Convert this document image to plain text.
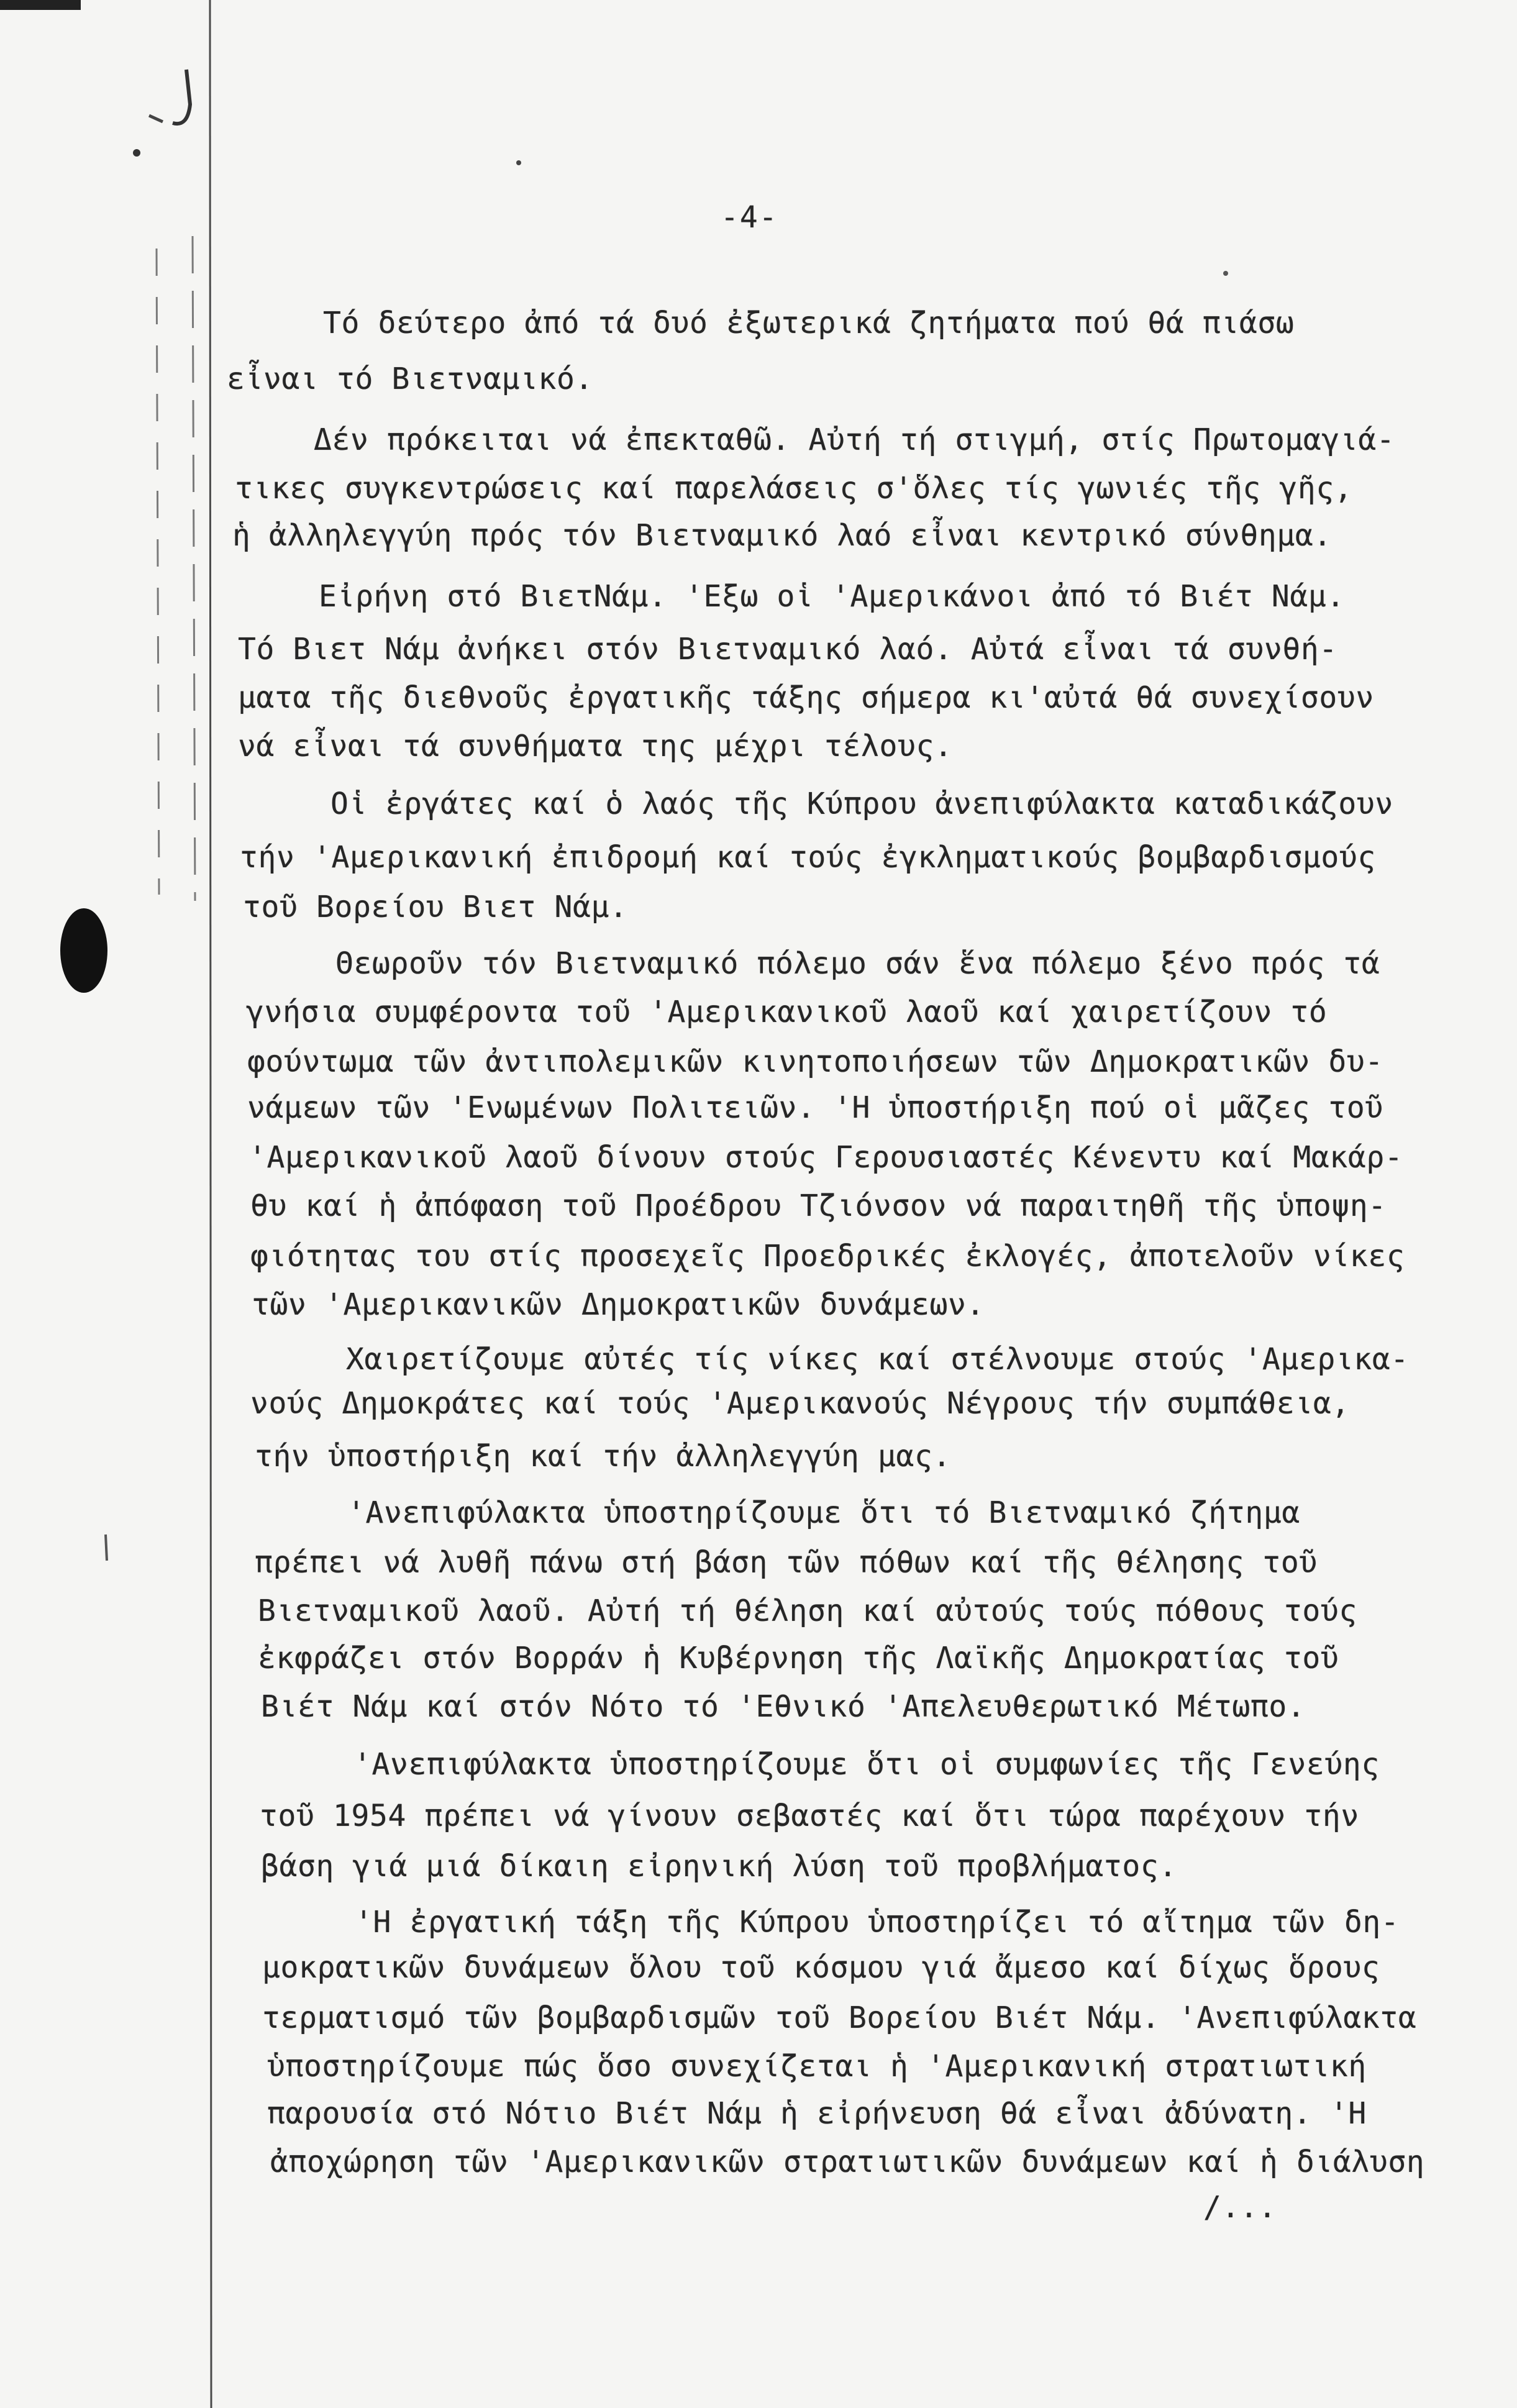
-4-
Τό δεύτερο ἀπό τά δυό ἐξωτερικά ζητήματα πού θά πιάσω
εἶναι τό Βιετναμικό.
Δέν πρόκειται νά ἐπεκταθῶ. Αὐτή τή στιγμή, στίς Πρωτομαγιά-
τικες συγκεντρώσεις καί παρελάσεις σ'ὅλες τίς γωνιές τῆς γῆς,
ἡ ἀλληλεγγύη πρός τόν Βιετναμικό λαό εἶναι κεντρικό σύνθημα.
Εἰρήνη στό ΒιετΝάμ. 'Εξω οἱ 'Αμερικάνοι ἀπό τό Βιέτ Νάμ.
Τό Βιετ Νάμ ἀνήκει στόν Βιετναμικό λαό. Αὐτά εἶναι τά συνθή-
ματα τῆς διεθνοῦς ἐργατικῆς τάξης σήμερα κι'αὐτά θά συνεχίσουν
νά εἶναι τά συνθήματα της μέχρι τέλους.
Οἱ ἐργάτες καί ὁ λαός τῆς Κύπρου ἀνεπιφύλακτα καταδικάζουν
τήν 'Αμερικανική ἐπιδρομή καί τούς ἐγκληματικούς βομβαρδισμούς
τοῦ Βορείου Βιετ Νάμ.
Θεωροῦν τόν Βιετναμικό πόλεμο σάν ἕνα πόλεμο ξένο πρός τά
γνήσια συμφέροντα τοῦ 'Αμερικανικοῦ λαοῦ καί χαιρετίζουν τό
φούντωμα τῶν ἀντιπολεμικῶν κινητοποιήσεων τῶν Δημοκρατικῶν δυ-
νάμεων τῶν 'Ενωμένων Πολιτειῶν. 'Η ὑποστήριξη πού οἱ μᾶζες τοῦ
'Αμερικανικοῦ λαοῦ δίνουν στούς Γερουσιαστές Κένεντυ καί Μακάρ-
θυ καί ἡ ἀπόφαση τοῦ Προέδρου Τζιόνσον νά παραιτηθῆ τῆς ὑποψη-
φιότητας του στίς προσεχεῖς Προεδρικές ἐκλογές, ἀποτελοῦν νίκες
τῶν 'Αμερικανικῶν Δημοκρατικῶν δυνάμεων.
Χαιρετίζουμε αὐτές τίς νίκες καί στέλνουμε στούς 'Αμερικα-
νούς Δημοκράτες καί τούς 'Αμερικανούς Νέγρους τήν συμπάθεια,
τήν ὑποστήριξη καί τήν ἀλληλεγγύη μας.
'Ανεπιφύλακτα ὑποστηρίζουμε ὅτι τό Βιετναμικό ζήτημα
πρέπει νά λυθῆ πάνω στή βάση τῶν πόθων καί τῆς θέλησης τοῦ
Βιετναμικοῦ λαοῦ. Αὐτή τή θέληση καί αὐτούς τούς πόθους τούς
ἐκφράζει στόν Βορράν ἡ Κυβέρνηση τῆς Λαϊκῆς Δημοκρατίας τοῦ
Βιέτ Νάμ καί στόν Νότο τό 'Εθνικό 'Απελευθερωτικό Μέτωπο.
'Ανεπιφύλακτα ὑποστηρίζουμε ὅτι οἱ συμφωνίες τῆς Γενεύης
τοῦ 1954 πρέπει νά γίνουν σεβαστές καί ὅτι τώρα παρέχουν τήν
βάση γιά μιά δίκαιη εἰρηνική λύση τοῦ προβλήματος.
'Η ἐργατική τάξη τῆς Κύπρου ὑποστηρίζει τό αἴτημα τῶν δη-
μοκρατικῶν δυνάμεων ὅλου τοῦ κόσμου γιά ἄμεσο καί δίχως ὅρους
τερματισμό τῶν βομβαρδισμῶν τοῦ Βορείου Βιέτ Νάμ. 'Ανεπιφύλακτα
ὑποστηρίζουμε πώς ὅσο συνεχίζεται ἡ 'Αμερικανική στρατιωτική
παρουσία στό Νότιο Βιέτ Νάμ ἡ εἰρήνευση θά εἶναι ἀδύνατη. 'Η
ἀποχώρηση τῶν 'Αμερικανικῶν στρατιωτικῶν δυνάμεων καί ἡ διάλυση
/...
